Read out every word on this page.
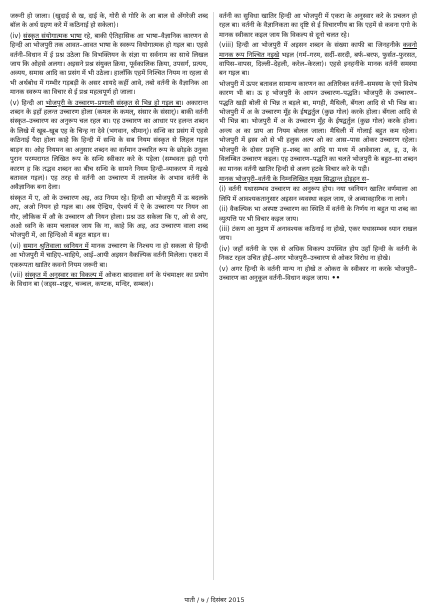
जरूरी हो जाला। (खुदाई से ख, दाई के, गोरी से गोरि के आ बाल से अँगरेजी शब्द बॉल के अर्थ ग्रहण करे में कठिनाई हो सकेला)।

(iv) संस्कृत संयोगात्मक भाषा रहे, बाकी ऐतिहासिक आ भाषा–वैज्ञानिक कारणन से हिन्दी आ भोजपुरी तक आवत–आवत भाषा के स्वरूप वियोगात्मक हो गइल बा। एहसे वर्तनी–विधान में ई प्रश्न उठेला कि विभक्तियन के संज्ञा या सर्वनाम का साथे लिखल जाय कि ओहसे अलगा। अइसने प्रश्न संयुक्त क्रिया, पूर्वकालिक क्रिया, उपसर्ग, प्रत्यय, अव्यय, समास आदि का प्रसंग में भी उठेला। हालाँकि एहमें निश्चित नियम ना रहला से भी अर्थबोध में गम्भीर गड़बड़ी के असर शायदे कहीं आवे, तबो वर्तनी के वैज्ञानिक आ मानक स्वरूप का विचार से ई प्रश्न महत्वपूर्ण हो जाला।

(v) हिन्दी आ भोजपुरी के उच्चारण–प्रणाली संस्कृत से भिन्न हो गइल बा। अकारान्त शब्दन के इहाँ हलन्त उच्चारण होला (कमल के कमल्, संसार के संसार्)। बाकी वर्तनी संस्कृत–उच्चारण का अनुरूप चल रहल बा। एह उच्चारण का आधार पर हलन्त शब्दन के लिखे में खूब–खूब एह के चिन्ह ना देवे (भगवान, श्रीमान्)। सन्धि का प्रसंग में एहसे कठिनाई पैदा होला काहे कि हिन्दी में सन्धि के सब नियम संस्कृत से लिहल गइल बाड़न स। ओह नियमन का अनुसार शब्दन का वर्तमान उच्चरित रूप के छोड़के उनुका पुरान परम्परागत लिखित रूप के सन्धि स्वीकार करे के पड़ेला (सम्भवतः इहो एगो कारण ह कि तद्भव शब्दन का बीच सन्धि के सामने नियम हिन्दी–व्याकरण में नइखे बतावल गइल)। एह तरह से वर्तनी आ उच्चारण में तालमेल के अभाव वर्तनी के अवैज्ञानिक बना देला।

संस्कृत में ए, ओ के उच्चारण अइ, अउ नियम रहे। हिन्दी आ भोजपुरी में ऊ बदलके अए, अओ नियन हो गइल बा। अब ऐन्द्रिय, ऐश्वर्य में ऐ के उच्चारण पर नियन आ गौर, लौकिक में औ के उच्चारण औ नियन होला। प्रश्न उठ सकेला कि ए, ओ से अए, अओ ध्वनि के काम चलावल जाय कि ना, काहे कि अइ, अउ उच्चारण वाला शब्द भोजपुरी में, आ हिन्दिओ में बहुत बाड़न स।

(vi) समान श्रुतिवाला ध्वनियन में मानक उच्चारण के निश्चय ना हो सकला से हिन्दी आ भोजपुरी में चाहिए–चाहिये, आई–आयी अइसन वैकल्पिक वर्तनी मिलेला। एकरा में एकरूपता खातिर कवनो नियम जरूरी बा।

(vii) संस्कृत में अनुस्वार का विकल्प में ओकरा बादवाला वर्ग के पंचमाक्षर का प्रयोग के विधान बा (जड्स–शङ्कर, चञ्चल, कण्टक, मन्दिर, सम्बल)।

वर्तनी का सुविधा खातिर हिन्दी आ भोजपुरी में एकरा के अनुस्वार करे के प्रचलन हो रहल बा। वर्तनी के वैज्ञानिकता का दृष्टि से ई विचारणीय बा कि एहमें से कवना एगो के मानक स्वीकार कइल जाय कि विकल्प से दूनो चलत रहे।

(viii) हिन्दी आ भोजपुरी में अइसन शब्दन के संख्या काफी बा जिनहनीके कवनो मानक रूप निश्चित नइखे भइल (गर्म–गरम, सर्दी–सरदी, बर्फ–बरफ, फुर्सत–फुरसत, वापिस–वापस, दिल्ली–देहली, करेल–केरला)। एहसे इनहनीके मानक वर्तनी समस्या बन गइल बा।

भोजपुरी में ऊपर बतावल सामान्य कारणन का अतिरिक्त वर्तनी–समस्या के एगो विशेष कारण भी बा। ऊ ह भोजपुरी के आपन उच्चारण–पद्धति। भोजपुरी के उच्चारण–पद्धति खड़ी बोली से भिन्न त बड़ले बा, मगही, मैथिली, बँगला आदि से भी भिन्न बा। भोजपुरी में अ के उच्चारण मूँह के ईषद्वर्तुल (कुछ गोल) करके होला। बँगला आदि से भी भिन्न बा। भोजपुरी में अ के उच्चारण मूँह के ईषद्वर्तुल (कुछ गोल) करके होला। अन्त्य अ का प्राय आ नियम बोलल जाला। मैथिली में गोलाई बहुत कम रहेला। भोजपुरी में ह्रस्व ओ से भी हलुक अल्प ओ का आस–पास ओकर उच्चारण रहेला। भोजपुरी के दोसर प्रवृत्ति ह–शब्द का आदि या मध्य में आवेवाला अ, इ, उ, के विलम्बित उच्चारण कइल। एह उच्चारण–पद्धति का चलते भोजपुरी के बहुत–सा शब्दन का मानक वर्तनी खातिर हिन्दी से अलग हटके विचार करे के पड़ी।

मानक भोजपुरी–वर्तनी के निम्नलिखित मुख्य सिद्धान्त होइहन स–

(i) वर्तनी यथासम्भव उच्चारण का अनुरूप होय। नया ध्वनियन खातिर वर्णमाला आ लिपि में आवश्यकतानुसार अइसन व्यवस्था कइल जाय, जे अव्यावहारिक ना लागे।

(ii) वैकल्पिक भा अस्पष्ट उच्चारण का स्थिति में वर्तनी के निर्णय ना बहुत या शब्द का व्युत्पत्ति पर भी विचार कइल जाय।

(iii) टंकण आ मुद्रण में अनावश्यक कठिनाई ना होखे, एकर यथासम्भव ध्यान राखल जाय।

(iv) जहाँ वर्तनी के एक से अधिक विकल्प उपस्थित होय उहाँ हिन्दी के वर्तनी के निकट रहल उचित होई–अगर भोजपुरी–उच्चारण से ओकर विरोध ना होखे।

(v) अगर हिन्दी के वर्तनी मान्य ना होखे त ओकरा के स्वीकार ना करके भोजपुरी–उच्चारण का अनुकूल वर्तनी–विधान कइल जाय। ••

पाती / ७ / दिसंबर 2015
